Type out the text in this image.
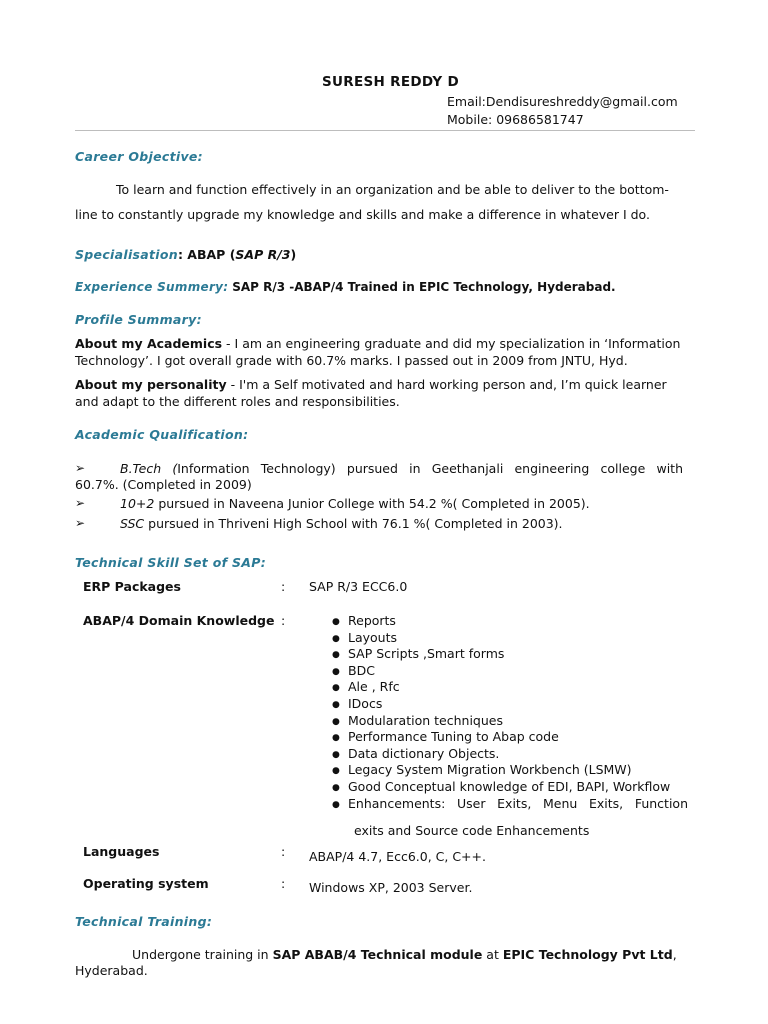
SURESH REDDY D
Email:Dendisureshreddy@gmail.com
Mobile: 09686581747
Career Objective:
To learn and function effectively in an organization and be able to deliver to the bottom-
line to constantly upgrade my knowledge and skills and make a difference in whatever I do.
Specialisation: ABAP (SAP R/3)
Experience Summery: SAP R/3 -ABAP/4 Trained in EPIC Technology, Hyderabad.
Profile Summary:
About my Academics - I am an engineering graduate and did my specialization in ‘Information Technology’. I got overall grade with 60.7% marks. I passed out in 2009 from JNTU, Hyd.
About my personality - I'm a Self motivated and hard working person and, I’m quick learner and adapt to the different roles and responsibilities.
Academic Qualification:
➢	B.Tech (Information Technology) pursued in Geethanjali engineering college with
60.7%. (Completed in 2009)
➢	10+2 pursued in Naveena Junior College with 54.2 %( Completed in 2005).
➢	SSC pursued in Thriveni High School with 76.1 %( Completed in 2003).
Technical Skill Set of SAP:
ERP Packages	: SAP R/3 ECC6.0
ABAP/4 Domain Knowledge :
●	Reports
● Layouts
● SAP Scripts ,Smart forms
● BDC
● Ale , Rfc
● IDocs
● Modularation techniques
● Performance Tuning to Abap code
● Data dictionary Objects.
● Legacy System Migration Workbench (LSMW)
● Good Conceptual knowledge of EDI, BAPI, Workflow
● Enhancements: User Exits, Menu Exits, Function
exits and Source code Enhancements
Languages	: ABAP/4 4.7, Ecc6.0, C, C++.
Operating system	: Windows XP, 2003 Server.
Technical Training:
Undergone training in SAP ABAB/4 Technical module at EPIC Technology Pvt Ltd,
Hyderabad.
